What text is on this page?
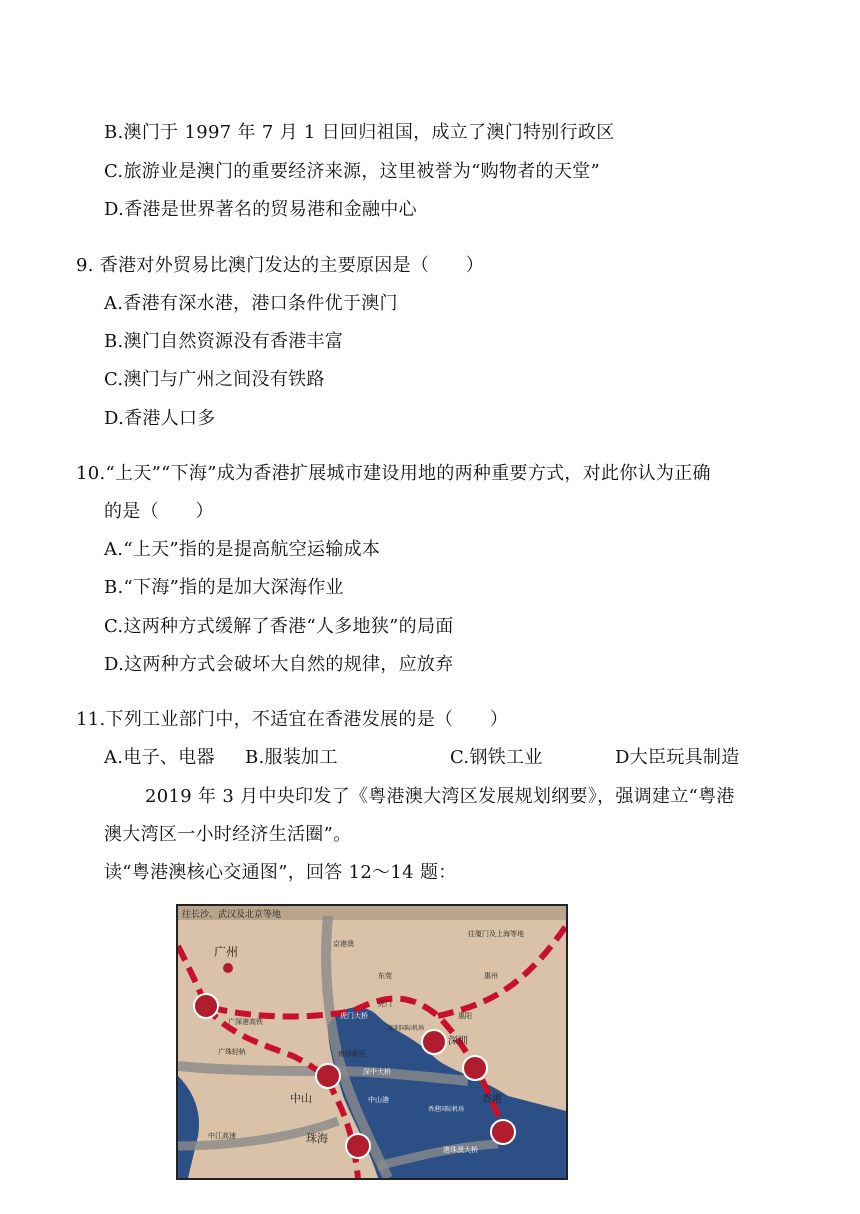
B.澳门于 1997 年 7 月 1 日回归祖国，成立了澳门特别行政区
C.旅游业是澳门的重要经济来源，这里被誉为“购物者的天堂”
D.香港是世界著名的贸易港和金融中心
9. 香港对外贸易比澳门发达的主要原因是（　　）
A.香港有深水港，港口条件优于澳门
B.澳门自然资源没有香港丰富
C.澳门与广州之间没有铁路
D.香港人口多
10.“上天”“下海”成为香港扩展城市建设用地的两种重要方式，对此你认为正确
的是（　　）
A.“上天”指的是提高航空运输成本
B.“下海”指的是加大深海作业
C.这两种方式缓解了香港“人多地狭”的局面
D.这两种方式会破坏大自然的规律，应放弃
11.下列工业部门中，不适宜在香港发展的是（　　）
A.电子、电器 B.服装加工	C.钢铁工业	D大臣玩具制造
2019 年 3 月中央印发了《粤港澳大湾区发展规划纲要》，强调建立“粤港
澳大湾区一小时经济生活圈”。
读“粤港澳核心交通图”，回答 12～14 题：
往长沙、武汉及北京等地
广州
广深港高铁
广珠轻轨
京港澳
东莞
虎门
虎门大桥
往厦门及上海等地
惠州
惠阳
深圳国际机场
深圳
南沙新区
深中大桥
中山	中山港	香港
香港国际机场
珠海
港珠澳大桥
中江高速
